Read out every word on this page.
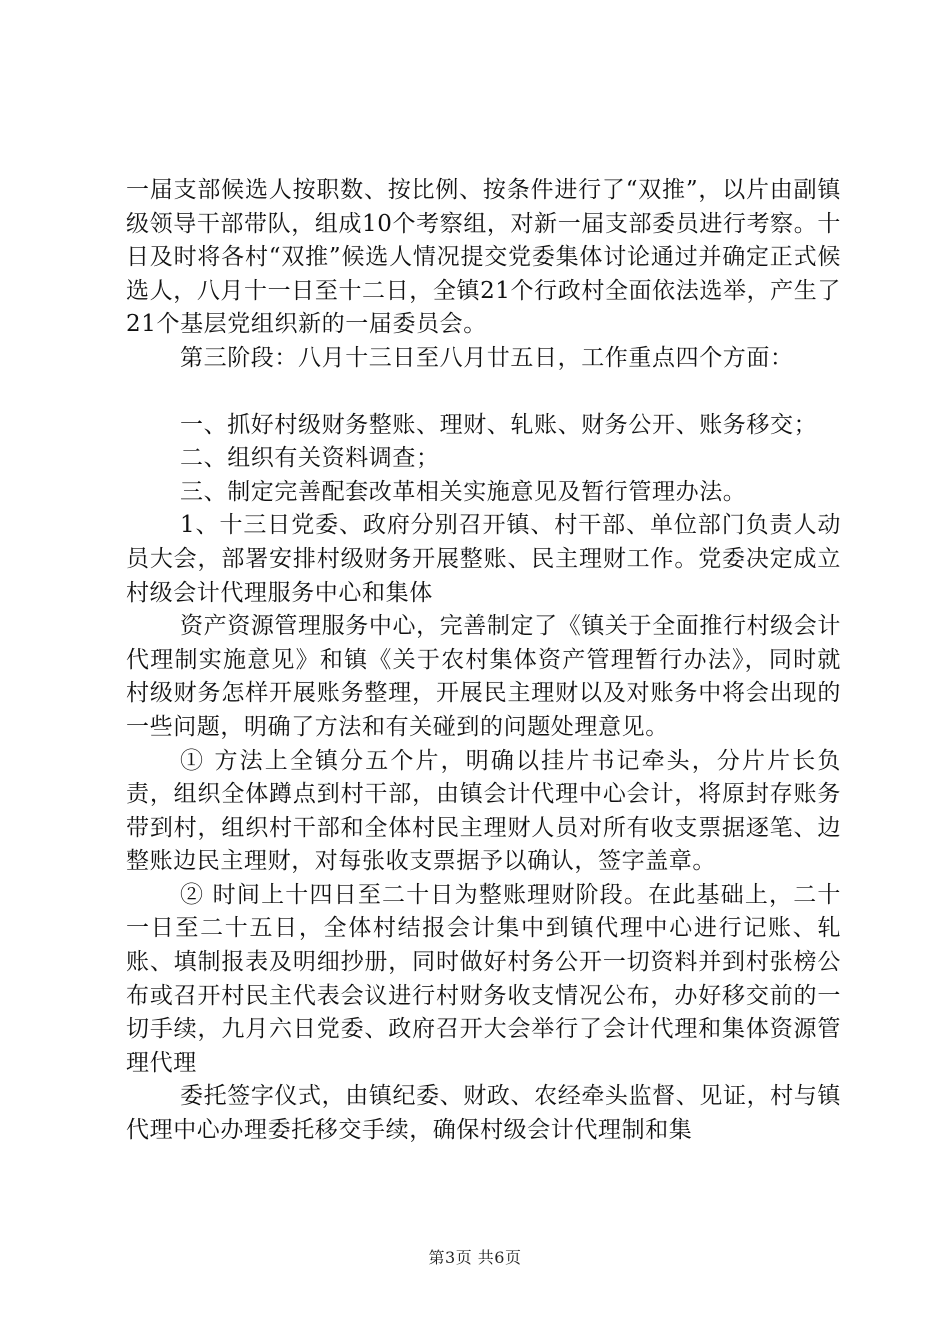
一届支部候选人按职数、按比例、按条件进行了“双推”，以片由副镇级领导干部带队，组成10个考察组，对新一届支部委员进行考察。十日及时将各村“双推”候选人情况提交党委集体讨论通过并确定正式候选人，八月十一日至十二日，全镇21个行政村全面依法选举，产生了21个基层党组织新的一届委员会。

第三阶段：八月十三日至八月廿五日，工作重点四个方面：

一、抓好村级财务整账、理财、轧账、财务公开、账务移交；

二、组织有关资料调查；

三、制定完善配套改革相关实施意见及暂行管理办法。

1、十三日党委、政府分别召开镇、村干部、单位部门负责人动员大会，部署安排村级财务开展整账、民主理财工作。党委决定成立村级会计代理服务中心和集体

资产资源管理服务中心，完善制定了《镇关于全面推行村级会计代理制实施意见》和镇《关于农村集体资产管理暂行办法》，同时就村级财务怎样开展账务整理，开展民主理财以及对账务中将会出现的一些问题，明确了方法和有关碰到的问题处理意见。

① 方法上全镇分五个片，明确以挂片书记牵头，分片片长负责，组织全体蹲点到村干部，由镇会计代理中心会计，将原封存账务带到村，组织村干部和全体村民主理财人员对所有收支票据逐笔、边整账边民主理财，对每张收支票据予以确认，签字盖章。

② 时间上十四日至二十日为整账理财阶段。在此基础上，二十一日至二十五日，全体村结报会计集中到镇代理中心进行记账、轧账、填制报表及明细抄册，同时做好村务公开一切资料并到村张榜公布或召开村民主代表会议进行村财务收支情况公布，办好移交前的一切手续，九月六日党委、政府召开大会举行了会计代理和集体资源管理代理

委托签字仪式，由镇纪委、财政、农经牵头监督、见证，村与镇代理中心办理委托移交手续，确保村级会计代理制和集

第3页 共6页
